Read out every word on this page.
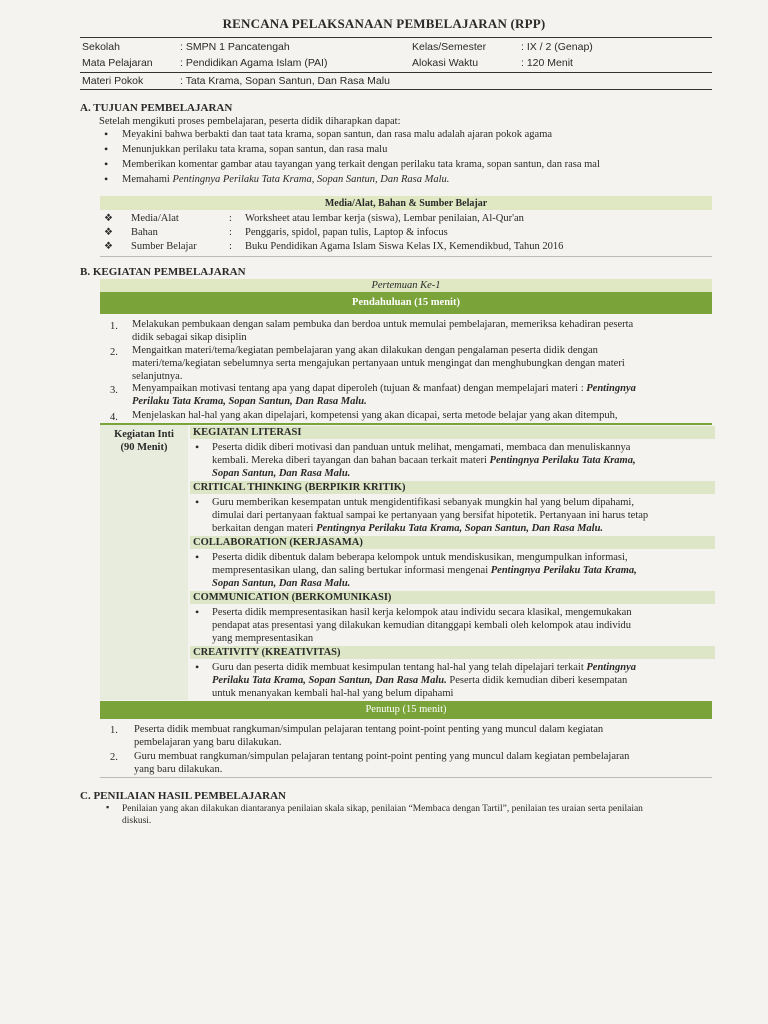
RENCANA PELAKSANAAN PEMBELAJARAN (RPP)
Sekolah	: SMPN 1 Pancatengah	Kelas/Semester	: IX / 2 (Genap)
Mata Pelajaran	: Pendidikan Agama Islam (PAI)	Alokasi Waktu	: 120 Menit
Materi Pokok	: Tata Krama, Sopan Santun, Dan Rasa Malu
A. TUJUAN PEMBELAJARAN
Setelah mengikuti proses pembelajaran, peserta didik diharapkan dapat:
• Meyakini bahwa berbakti dan taat tata krama, sopan santun, dan rasa malu adalah ajaran pokok agama
• Menunjukkan perilaku tata krama, sopan santun, dan rasa malu
• Memberikan komentar gambar atau tayangan yang terkait dengan perilaku tata krama, sopan santun, dan rasa mal
• Memahami Pentingnya Perilaku Tata Krama, Sopan Santun, Dan Rasa Malu.
Media/Alat, Bahan & Sumber Belajar
❖ Media/Alat	: Worksheet atau lembar kerja (siswa), Lembar penilaian, Al-Qur'an
❖ Bahan	: Penggaris, spidol, papan tulis, Laptop & infocus
❖ Sumber Belajar	: Buku Pendidikan Agama Islam Siswa Kelas IX, Kemendikbud, Tahun 2016
B. KEGIATAN PEMBELAJARAN
Pertemuan Ke-1
Pendahuluan (15 menit)
1. Melakukan pembukaan dengan salam pembuka dan berdoa untuk memulai pembelajaran, memeriksa kehadiran peserta
didik sebagai sikap disiplin
2. Mengaitkan materi/tema/kegiatan pembelajaran yang akan dilakukan dengan pengalaman peserta didik dengan
materi/tema/kegiatan sebelumnya serta mengajukan pertanyaan untuk mengingat dan menghubungkan dengan materi
selanjutnya.
3. Menyampaikan motivasi tentang apa yang dapat diperoleh (tujuan & manfaat) dengan mempelajari materi : Pentingnya
Perilaku Tata Krama, Sopan Santun, Dan Rasa Malu.
4. Menjelaskan hal-hal yang akan dipelajari, kompetensi yang akan dicapai, serta metode belajar yang akan ditempuh,
Kegiatan Inti
(90 Menit)
KEGIATAN LITERASI
• Peserta didik diberi motivasi dan panduan untuk melihat, mengamati, membaca dan menuliskannya
kembali. Mereka diberi tayangan dan bahan bacaan terkait materi Pentingnya Perilaku Tata Krama,
Sopan Santun, Dan Rasa Malu.
CRITICAL THINKING (BERPIKIR KRITIK)
• Guru memberikan kesempatan untuk mengidentifikasi sebanyak mungkin hal yang belum dipahami,
dimulai dari pertanyaan faktual sampai ke pertanyaan yang bersifat hipotetik. Pertanyaan ini harus tetap
berkaitan dengan materi Pentingnya Perilaku Tata Krama, Sopan Santun, Dan Rasa Malu.
COLLABORATION (KERJASAMA)
• Peserta didik dibentuk dalam beberapa kelompok untuk mendiskusikan, mengumpulkan informasi,
mempresentasikan ulang, dan saling bertukar informasi mengenai Pentingnya Perilaku Tata Krama,
Sopan Santun, Dan Rasa Malu.
COMMUNICATION (BERKOMUNIKASI)
• Peserta didik mempresentasikan hasil kerja kelompok atau individu secara klasikal, mengemukakan
pendapat atas presentasi yang dilakukan kemudian ditanggapi kembali oleh kelompok atau individu
yang mempresentasikan
CREATIVITY (KREATIVITAS)
• Guru dan peserta didik membuat kesimpulan tentang hal-hal yang telah dipelajari terkait Pentingnya
Perilaku Tata Krama, Sopan Santun, Dan Rasa Malu. Peserta didik kemudian diberi kesempatan
untuk menanyakan kembali hal-hal yang belum dipahami
Penutup (15 menit)
1. Peserta didik membuat rangkuman/simpulan pelajaran tentang point-point penting yang muncul dalam kegiatan
pembelajaran yang baru dilakukan.
2. Guru membuat rangkuman/simpulan pelajaran tentang point-point penting yang muncul dalam kegiatan pembelajaran
yang baru dilakukan.
C. PENILAIAN HASIL PEMBELAJARAN
▪ Penilaian yang akan dilakukan diantaranya penilaian skala sikap, penilaian “Membaca dengan Tartil”, penilaian tes uraian serta penilaian
diskusi.
